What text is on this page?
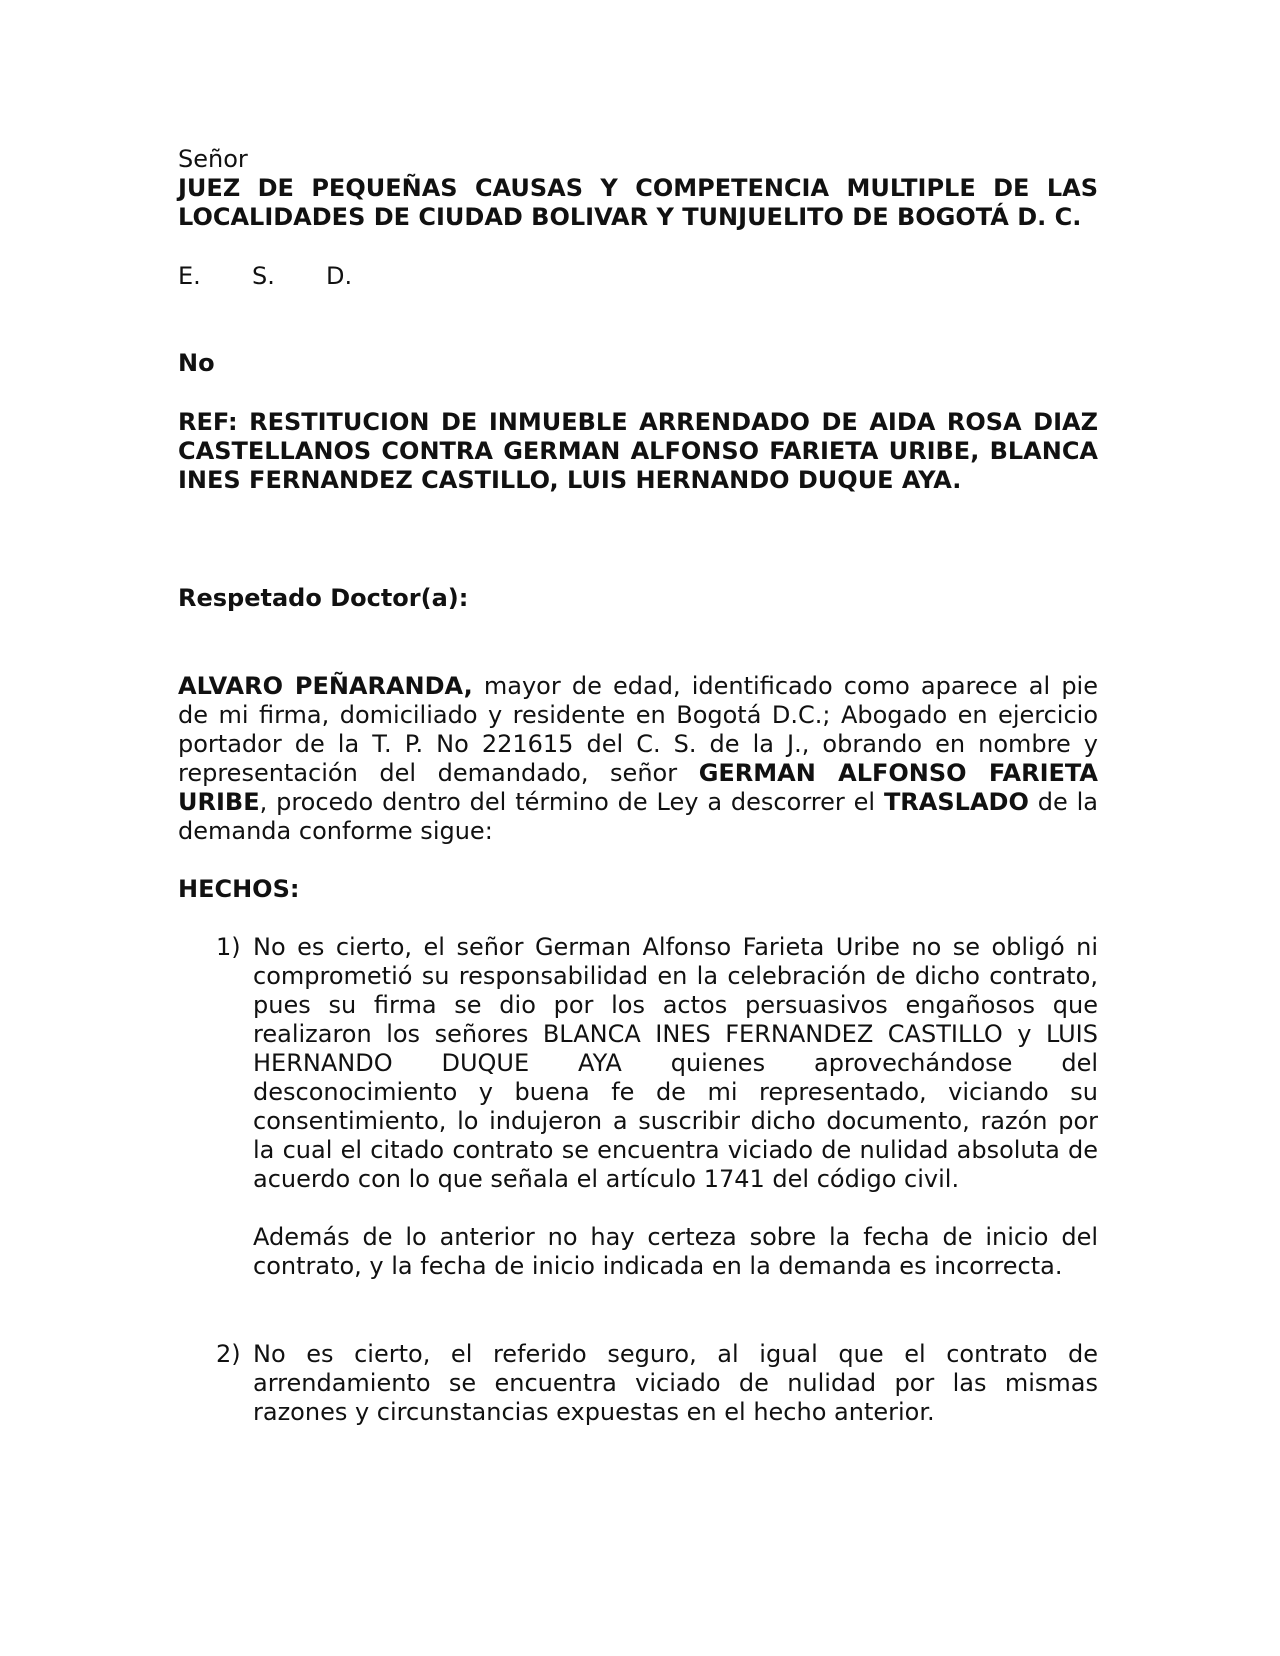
Señor
JUEZ DE PEQUEÑAS CAUSAS Y COMPETENCIA MULTIPLE DE LAS LOCALIDADES DE CIUDAD BOLIVAR Y TUNJUELITO DE BOGOTÁ D. C.
E. S. D.
No
REF: RESTITUCION DE INMUEBLE ARRENDADO DE AIDA ROSA DIAZ CASTELLANOS CONTRA GERMAN ALFONSO FARIETA URIBE, BLANCA INES FERNANDEZ CASTILLO, LUIS HERNANDO DUQUE AYA.
Respetado Doctor(a):
ALVARO PEÑARANDA, mayor de edad, identificado como aparece al pie de mi firma, domiciliado y residente en Bogotá D.C.; Abogado en ejercicio portador de la T. P. No 221615 del C. S. de la J., obrando en nombre y representación del demandado, señor GERMAN ALFONSO FARIETA URIBE, procedo dentro del término de Ley a descorrer el TRASLADO de la demanda conforme sigue:
HECHOS:
1) No es cierto, el señor German Alfonso Farieta Uribe no se obligó ni comprometió su responsabilidad en la celebración de dicho contrato, pues su firma se dio por los actos persuasivos engañosos que realizaron los señores BLANCA INES FERNANDEZ CASTILLO y LUIS HERNANDO DUQUE AYA quienes aprovechándose del desconocimiento y buena fe de mi representado, viciando su consentimiento, lo indujeron a suscribir dicho documento, razón por la cual el citado contrato se encuentra viciado de nulidad absoluta de acuerdo con lo que señala el artículo 1741 del código civil.
Además de lo anterior no hay certeza sobre la fecha de inicio del contrato, y la fecha de inicio indicada en la demanda es incorrecta.
2) No es cierto, el referido seguro, al igual que el contrato de arrendamiento se encuentra viciado de nulidad por las mismas razones y circunstancias expuestas en el hecho anterior.
